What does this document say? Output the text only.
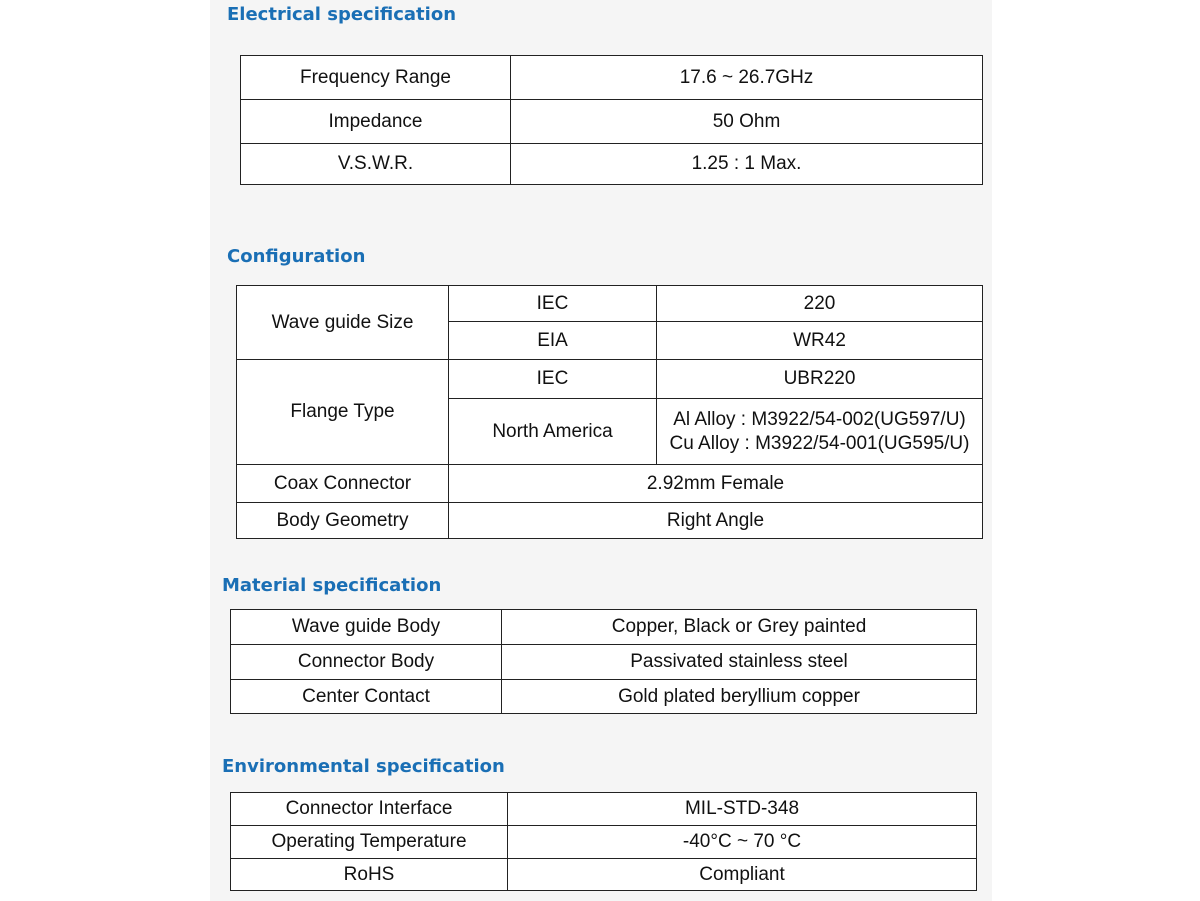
Electrical specification
Frequency Range	17.6 ~ 26.7GHz
Impedance	50 Ohm
V.S.W.R.	1.25 : 1 Max.
Configuration
Wave guide Size	IEC	220
	EIA	WR42
Flange Type	IEC	UBR220
	North America	Al Alloy : M3922/54-002(UG597/U)
Cu Alloy : M3922/54-001(UG595/U)

Coax Connector	2.92mm Female	
Body Geometry	Right Angle	
Material specification
Wave guide Body	Copper, Black or Grey painted
Connector Body	Passivated stainless steel
Center Contact	Gold plated beryllium copper
Environmental specification
Connector Interface	MIL-STD-348
Operating Temperature	-40°C ~ 70 °C
RoHS	Compliant
